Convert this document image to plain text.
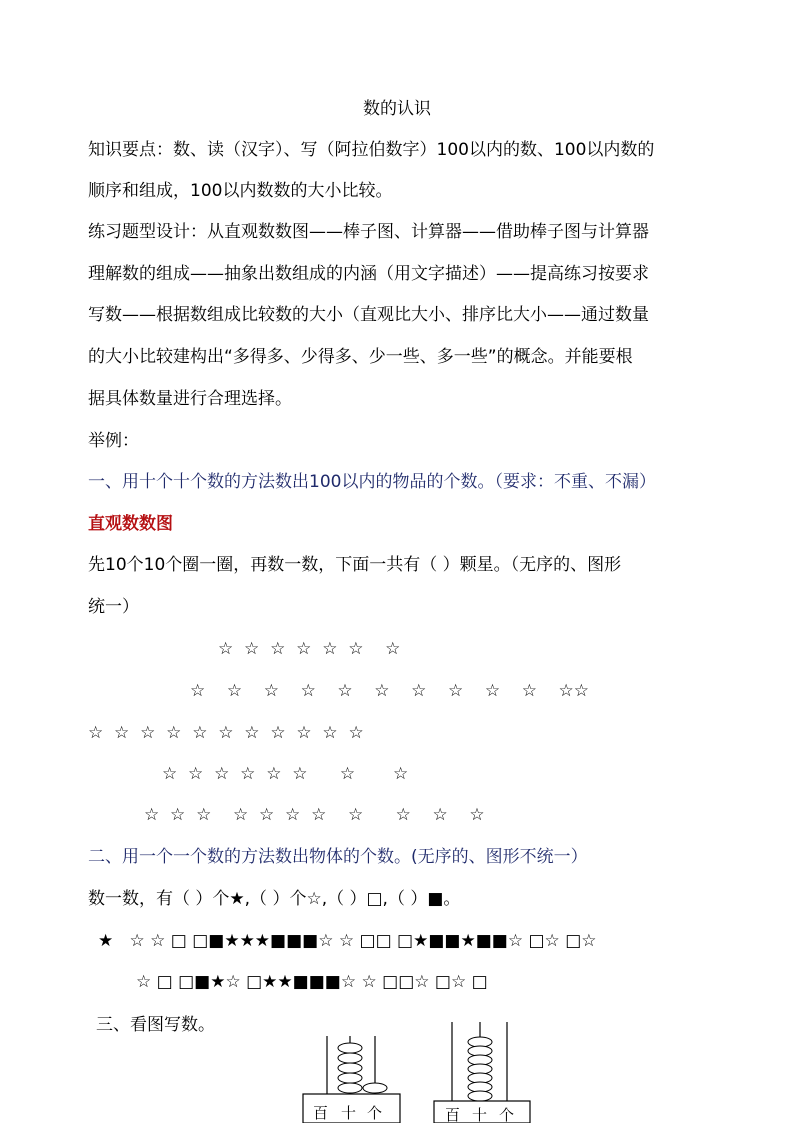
数的认识
知识要点：数、读（汉字）、写（阿拉伯数字）100以内的数、100以内数的
顺序和组成，100以内数数的大小比较。
练习题型设计：从直观数数图——棒子图、计算器——借助棒子图与计算器
理解数的组成——抽象出数组成的内涵（用文字描述）——提高练习按要求
写数——根据数组成比较数的大小（直观比大小、排序比大小——通过数量
的大小比较建构出“多得多、少得多、少一些、多一些”的概念。并能要根
据具体数量进行合理选择。
举例：
一、用十个十个数的方法数出100以内的物品的个数。（要求：不重、不漏）
直观数数图
先10个10个圈一圈，再数一数，下面一共有（ ）颗星。（无序的、图形
统一）
☆  ☆  ☆  ☆  ☆  ☆    ☆
☆    ☆    ☆    ☆    ☆    ☆    ☆    ☆    ☆    ☆    ☆☆
☆  ☆  ☆  ☆  ☆  ☆  ☆  ☆  ☆  ☆  ☆
☆  ☆  ☆  ☆  ☆  ☆      ☆       ☆
☆  ☆  ☆    ☆  ☆  ☆  ☆    ☆      ☆    ☆    ☆
二、用一个一个数的方法数出物体的个数。(无序的、图形不统一）
数一数，有（ ）个★,（ ）个☆,（ ）□,（ ）■。
★   ☆ ☆ □ □■★★★■■■☆ ☆ □□ □★■■★■■☆ □☆ □☆
☆ □ □■★☆ □★★■■■☆ ☆ □□☆ □☆ □
三、看图写数。
百 十 个	百 十 个
